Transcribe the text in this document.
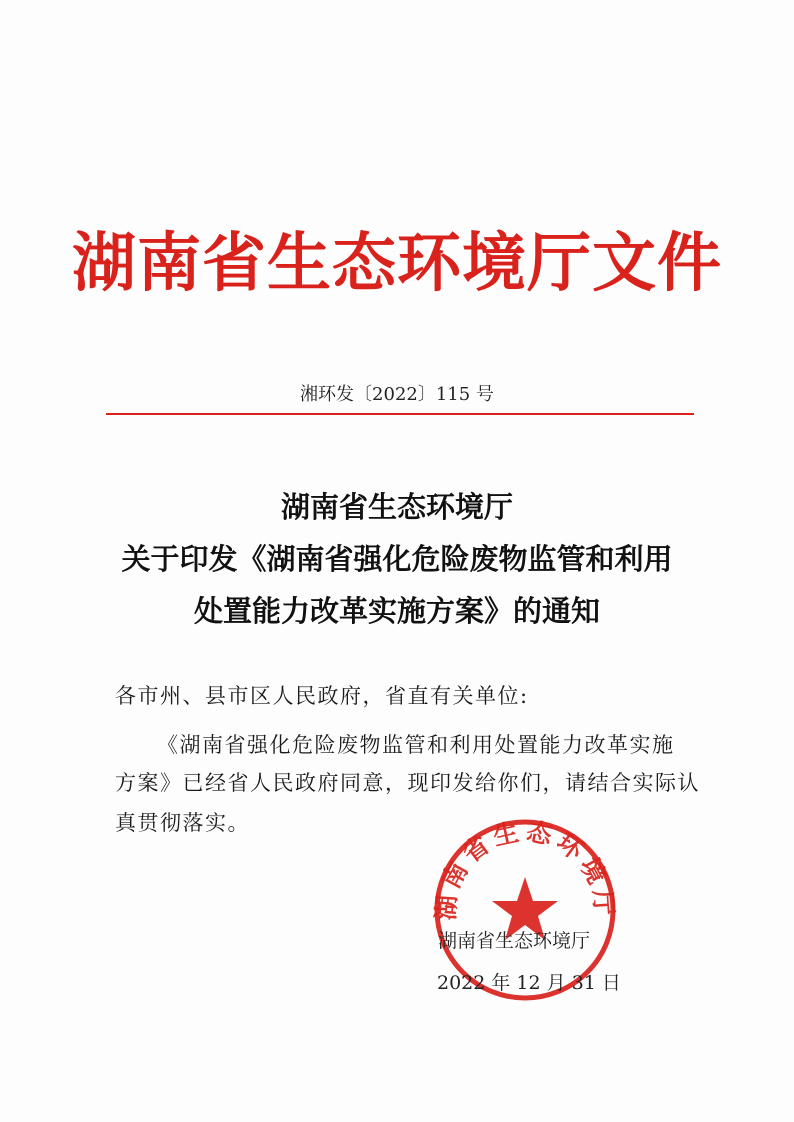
湖南省生态环境厅文件
湘环发〔2022〕115 号
湖南省生态环境厅
关于印发《湖南省强化危险废物监管和利用
处置能力改革实施方案》的通知
各市州、县市区人民政府，省直有关单位:
《湖南省强化危险废物监管和利用处置能力改革实施
方案》已经省人民政府同意，现印发给你们，请结合实际认
真贯彻落实。
湖南省生态环境厅
湖南省生态环境厅
2022 年 12 月 31 日
